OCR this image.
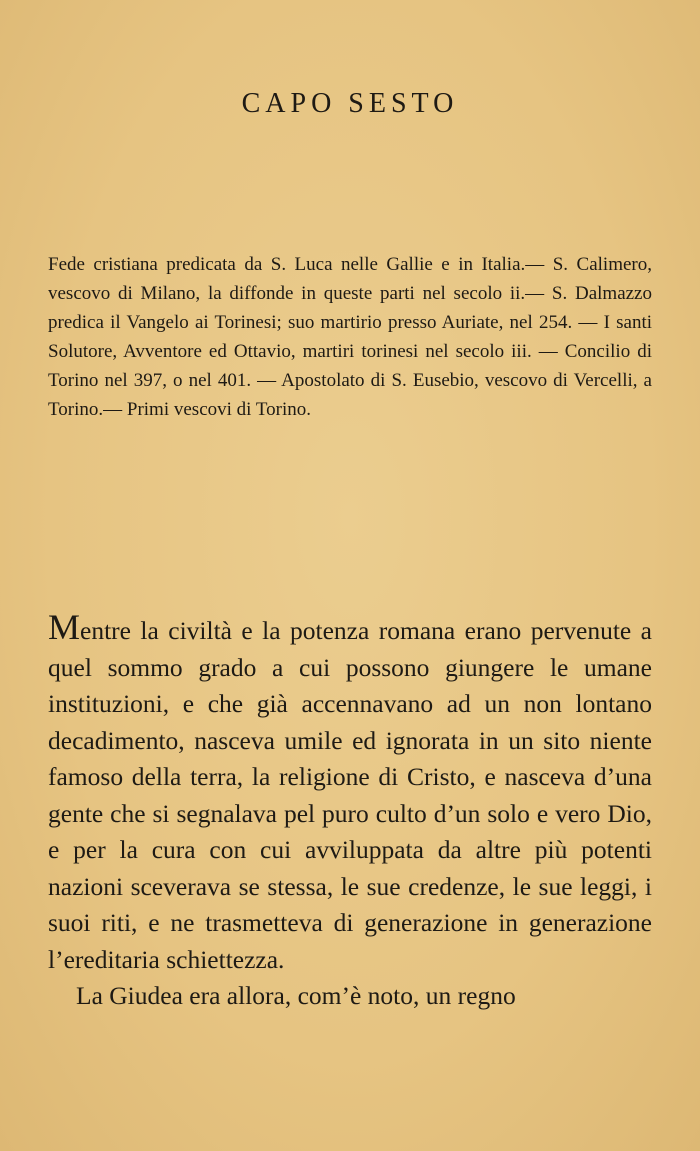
CAPO SESTO

Fede cristiana predicata da S. Luca nelle Gallie e in Italia.— S. Calimero, vescovo di Milano, la diffonde in queste parti nel secolo ii.— S. Dalmazzo predica il Vangelo ai Torinesi; suo martirio presso Auriate, nel 254. — I santi Solutore, Avventore ed Ottavio, martiri torinesi nel secolo iii. — Concilio di Torino nel 397, o nel 401. — Apostolato di S. Eusebio, vescovo di Vercelli, a Torino.— Primi vescovi di Torino.

Mentre la civiltà e la potenza romana erano pervenute a quel sommo grado a cui possono giungere le umane instituzioni, e che già accennavano ad un non lontano decadimento, nasceva umile ed ignorata in un sito niente famoso della terra, la religione di Cristo, e nasceva d’una gente che si segnalava pel puro culto d’un solo e vero Dio, e per la cura con cui avviluppata da altre più potenti nazioni sceverava se stessa, le sue credenze, le sue leggi, i suoi riti, e ne trasmetteva di generazione in generazione l’ereditaria schiettezza.

La Giudea era allora, com’è noto, un regno
